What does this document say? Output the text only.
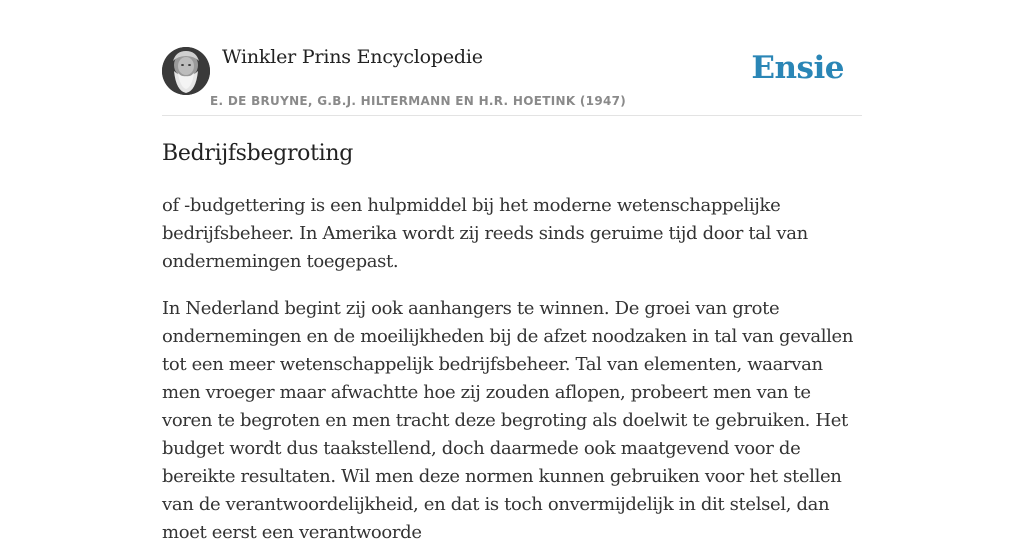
Winkler Prins Encyclopedie
E. DE BRUYNE, G.B.J. HILTERMANN EN H.R. HOETINK (1947)
Ensie
Bedrijfsbegroting

of -budgettering is een hulpmiddel bij het moderne wetenschappelijke bedrijfsbeheer. In Amerika wordt zij reeds sinds geruime tijd door tal van ondernemingen toegepast.

In Nederland begint zij ook aanhangers te winnen. De groei van grote ondernemingen en de moeilijkheden bij de afzet noodzaken in tal van gevallen tot een meer wetenschappelijk bedrijfsbeheer. Tal van elementen, waarvan men vroeger maar afwachtte hoe zij zouden aflopen, probeert men van te voren te begroten en men tracht deze begroting als doelwit te gebruiken. Het budget wordt dus taakstellend, doch daarmede ook maatgevend voor de bereikte resultaten. Wil men deze normen kunnen gebruiken voor het stellen van de verantwoordelijkheid, en dat is toch onvermijdelijk in dit stelsel, dan moet eerst een verantwoorde
